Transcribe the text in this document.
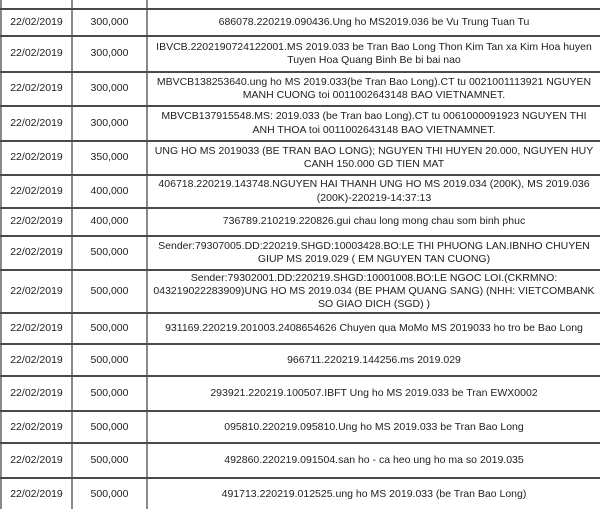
22/02/2019	300,000	686078.220219.090436.Ung ho MS2019.036 be Vu Trung Tuan Tu
22/02/2019	300,000	IBVCB.2202190724122001.MS 2019.033 be Tran Bao Long Thon Kim Tan xa Kim Hoa huyen Tuyen Hoa Quang Binh Be bi bai nao
22/02/2019	300,000	MBVCB138253640.ung ho MS 2019.033(be Tran Bao Long).CT tu 0021001113921 NGUYEN MANH CUONG toi 0011002643148 BAO VIETNAMNET.
22/02/2019	300,000	MBVCB137915548.MS: 2019.033 (be Tran bao Long).CT tu 0061000091923 NGUYEN THI ANH THOA toi 0011002643148 BAO VIETNAMNET.
22/02/2019	350,000	UNG HO MS 2019033 (BE TRAN BAO LONG); NGUYEN THI HUYEN 20.000, NGUYEN HUY CANH 150.000 GD TIEN MAT
22/02/2019	400,000	406718.220219.143748.NGUYEN HAI THANH UNG HO MS 2019.034 (200K), MS 2019.036 (200K)-220219-14:37:13
22/02/2019	400,000	736789.210219.220826.gui chau long mong chau som binh phuc
22/02/2019	500,000	Sender:79307005.DD:220219.SHGD:10003428.BO:LE THI PHUONG LAN.IBNHO CHUYEN GIUP MS 2019.029 ( EM NGUYEN TAN CUONG)
22/02/2019	500,000	Sender:79302001.DD:220219.SHGD:10001008.BO:LE NGOC LOI.(CKRMNO: 043219022283909)UNG HO MS 2019.034 (BE PHAM QUANG SANG) (NHH: VIETCOMBANK SO GIAO DICH (SGD) )
22/02/2019	500,000	931169.220219.201003.2408654626 Chuyen qua MoMo MS 2019033 ho tro be Bao Long
22/02/2019	500,000	966711.220219.144256.ms 2019.029
22/02/2019	500,000	293921.220219.100507.IBFT Ung ho MS 2019.033 be Tran EWX0002
22/02/2019	500,000	095810.220219.095810.Ung ho MS 2019.033 be Tran Bao Long
22/02/2019	500,000	492860.220219.091504.san ho - ca heo ung ho ma so 2019.035
22/02/2019	500,000	491713.220219.012525.ung ho MS 2019.033 (be Tran Bao Long)
